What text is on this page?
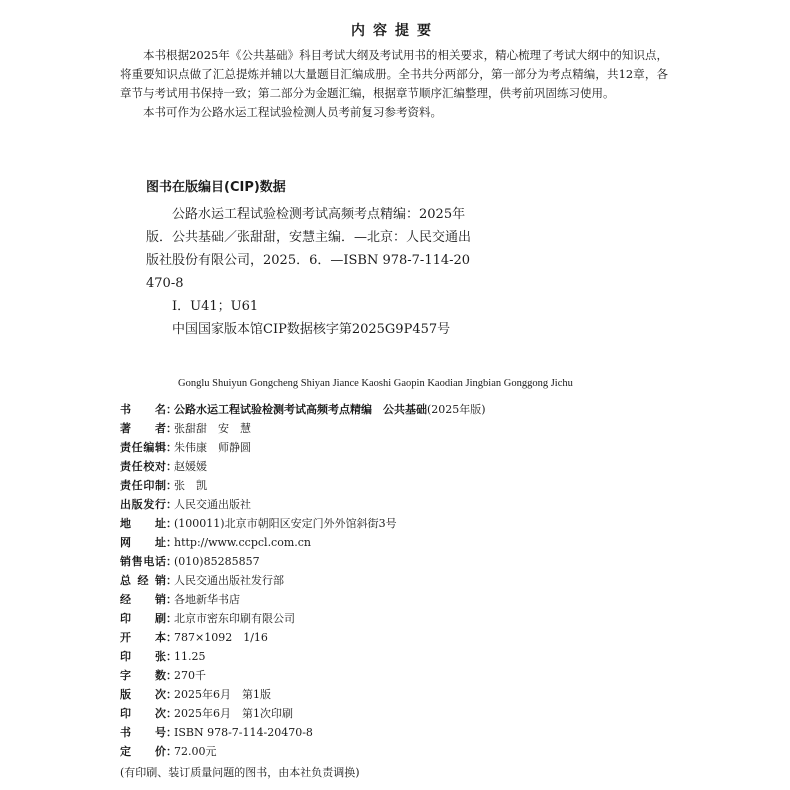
内容提要

本书根据2025年《公共基础》科目考试大纲及考试用书的相关要求，精心梳理了考试大纲中的知识点，将重要知识点做了汇总提炼并辅以大量题目汇编成册。全书共分两部分，第一部分为考点精编，共12章，各章节与考试用书保持一致；第二部分为金题汇编，根据章节顺序汇编整理，供考前巩固练习使用。

本书可作为公路水运工程试验检测人员考前复习参考资料。

图书在版编目(CIP)数据
公路水运工程试验检测考试高频考点精编：2025年版．公共基础／张甜甜，安慧主编．—北京：人民交通出版社股份有限公司，2025．6．—ISBN 978-7-114-20470-8
Ⅰ．U41；U61
中国国家版本馆CIP数据核字第2025G9P457号
Gonglu Shuiyun Gongcheng Shiyan Jiance Kaoshi Gaopin Kaodian Jingbian Gonggong Jichu
书 名 ：
公路水运工程试验检测考试高频考点精编　公共基础(2025年版)
著 者 ：
张甜甜　安　慧
责 任 编 辑 ：
朱伟康　师静圆
责 任 校 对 ：
赵媛媛
责 任 印 制 ：
张　凯
出 版 发 行 ：
人民交通出版社
地 址 ：
(100011)北京市朝阳区安定门外外馆斜街3号
网 址 ：
http://www.ccpcl.com.cn
销 售 电 话 ：
(010)85285857
总 经 销 ：
人民交通出版社发行部
经 销 ：
各地新华书店
印 刷 ：
北京市密东印刷有限公司
开 本 ：
787×1092　1/16
印 张 ：
11.25
字 数 ：
270千
版 次 ：
2025年6月　第1版
印 次 ：
2025年6月　第1次印刷
书 号 ：
ISBN 978-7-114-20470-8
定 价 ：
72.00元
(有印刷、装订质量问题的图书，由本社负责调换)
